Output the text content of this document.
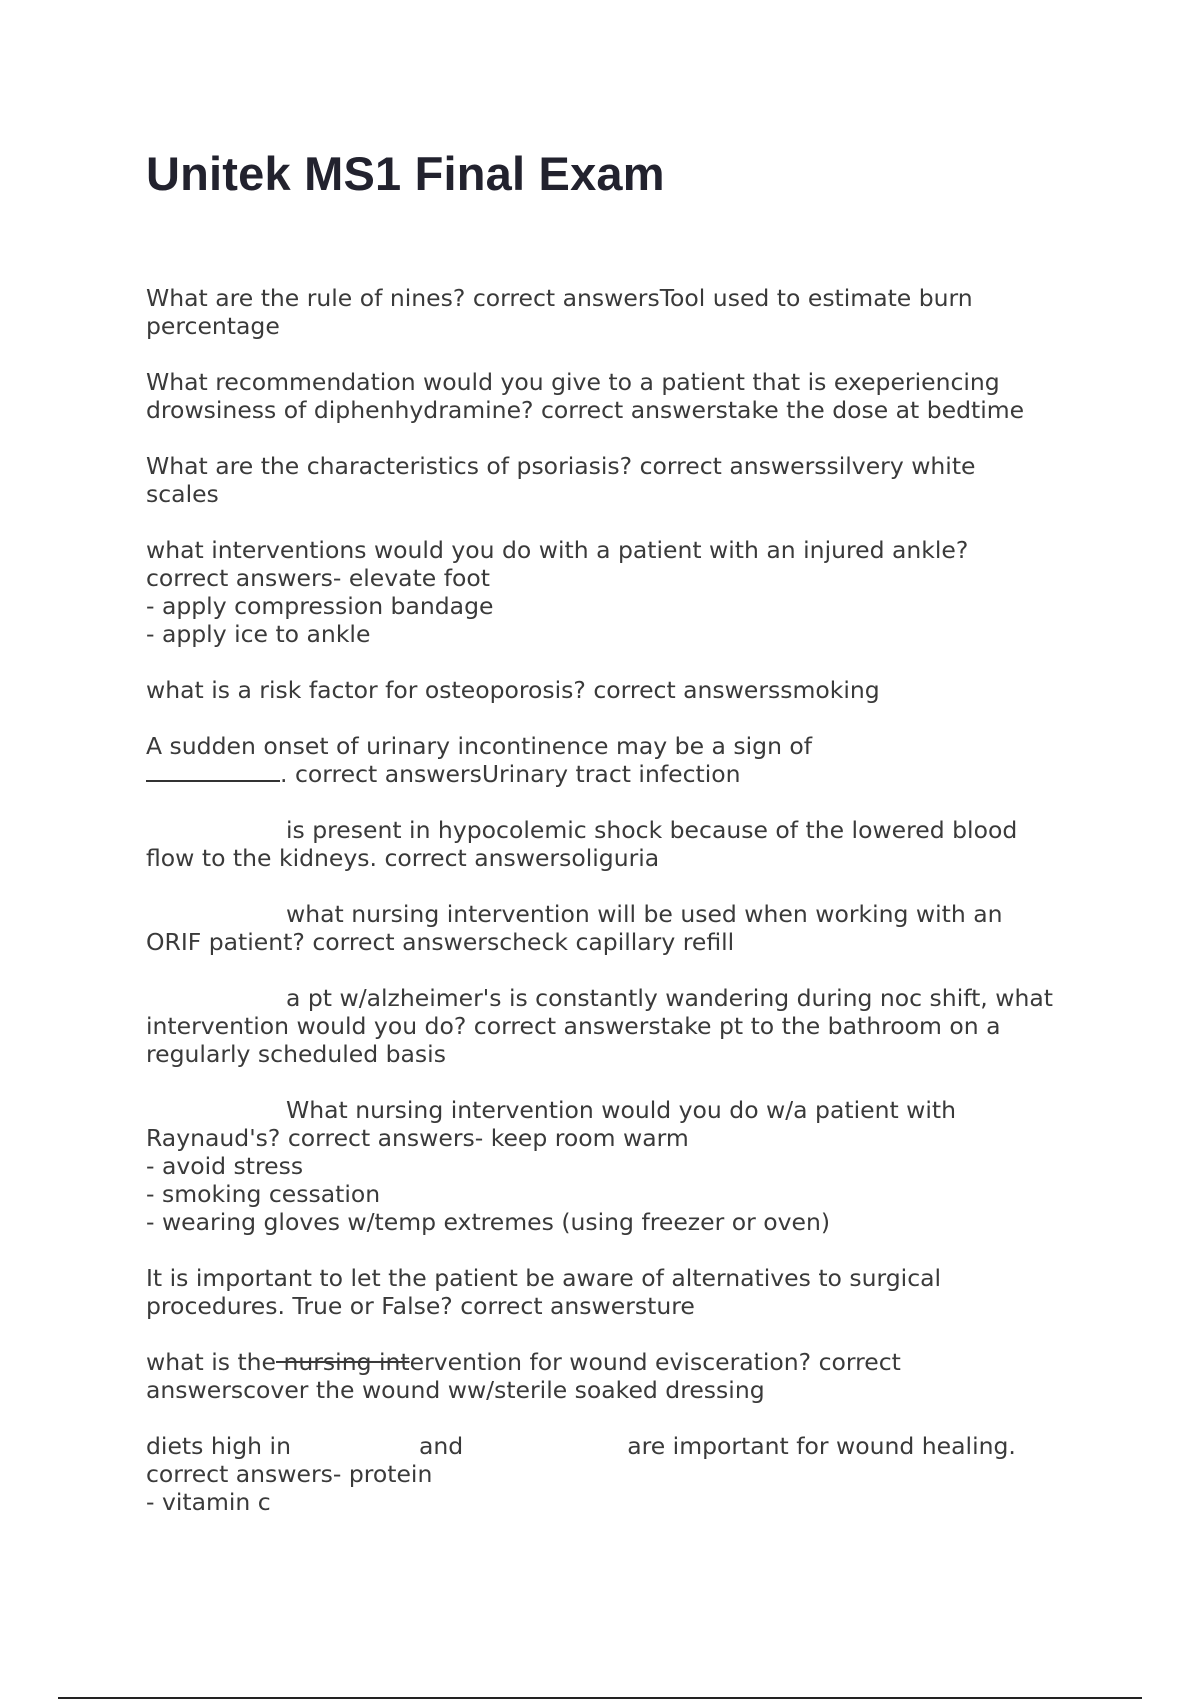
Unitek MS1 Final Exam
What are the rule of nines? correct answersTool used to estimate burn
percentage
What recommendation would you give to a patient that is exeperiencing
drowsiness of diphenhydramine? correct answerstake the dose at bedtime
What are the characteristics of psoriasis? correct answerssilvery white
scales
what interventions would you do with a patient with an injured ankle?
correct answers- elevate foot
- apply compression bandage
- apply ice to ankle
what is a risk factor for osteoporosis? correct answerssmoking
A sudden onset of urinary incontinence may be a sign of
. correct answersUrinary tract infection
is present in hypocolemic shock because of the lowered blood
flow to the kidneys. correct answersoliguria
what nursing intervention will be used when working with an
ORIF patient? correct answerscheck capillary refill
a pt w/alzheimer's is constantly wandering during noc shift, what
intervention would you do? correct answerstake pt to the bathroom on a
regularly scheduled basis
What nursing intervention would you do w/a patient with
Raynaud's? correct answers- keep room warm
- avoid stress
- smoking cessation
- wearing gloves w/temp extremes (using freezer or oven)
It is important to let the patient be aware of alternatives to surgical
procedures. True or False? correct answersture
what is the nursing intervention for wound evisceration? correct
answerscover the wound ww/sterile soaked dressing
diets high in	and	are important for wound healing.
correct answers- protein
- vitamin c
